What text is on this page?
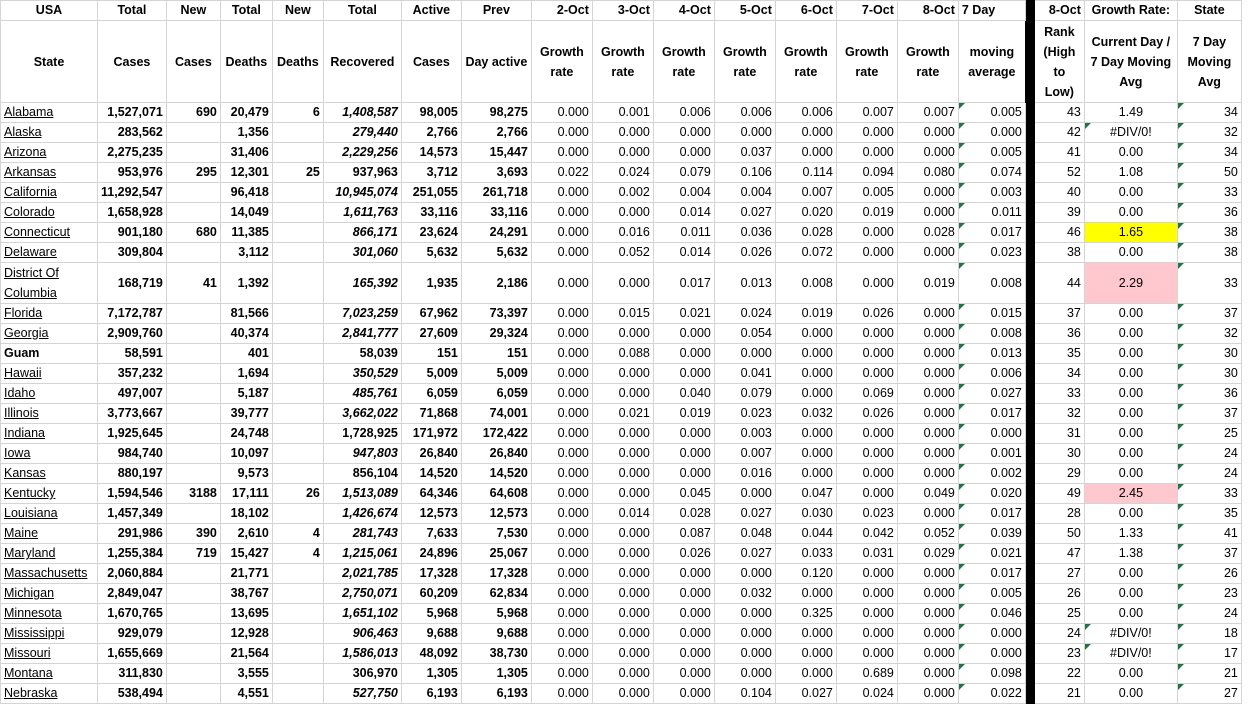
USA	Total	New	Total	New	Total	Active	Prev	2-Oct	3-Oct	4-Oct	5-Oct	6-Oct	7-Oct	8-Oct	7 Day		8-Oct	Growth Rate:	State
State	Cases	Cases	Deaths	Deaths	Recovered	Cases	Day active	Growth rate	Growth rate	Growth rate	Growth rate	Growth rate	Growth rate	Growth rate	moving average		Rank (High to Low)	Current Day / 7 Day Moving Avg	7 Day Moving Avg
Alabama	1,527,071	690	20,479	6	1,408,587	98,005	98,275	0.000	0.001	0.006	0.006	0.006	0.007	0.007	0.005		43	1.49	34
Alaska	283,562		1,356		279,440	2,766	2,766	0.000	0.000	0.000	0.000	0.000	0.000	0.000	0.000		42	#DIV/0!	32
Arizona	2,275,235		31,406		2,229,256	14,573	15,447	0.000	0.000	0.000	0.037	0.000	0.000	0.000	0.005		41	0.00	34
Arkansas	953,976	295	12,301	25	937,963	3,712	3,693	0.022	0.024	0.079	0.106	0.114	0.094	0.080	0.074		52	1.08	50
California	11,292,547		96,418		10,945,074	251,055	261,718	0.000	0.002	0.004	0.004	0.007	0.005	0.000	0.003		40	0.00	33
Colorado	1,658,928		14,049		1,611,763	33,116	33,116	0.000	0.000	0.014	0.027	0.020	0.019	0.000	0.011		39	0.00	36
Connecticut	901,180	680	11,385		866,171	23,624	24,291	0.000	0.016	0.011	0.036	0.028	0.000	0.028	0.017		46	1.65	38
Delaware	309,804		3,112		301,060	5,632	5,632	0.000	0.052	0.014	0.026	0.072	0.000	0.000	0.023		38	0.00	38

District Of Columbia	168,719	41	1,392		165,392	1,935	2,186	0.000	0.000	0.017	0.013	0.008	0.000	0.019	0.008		44	2.29	33
Florida	7,172,787		81,566		7,023,259	67,962	73,397	0.000	0.015	0.021	0.024	0.019	0.026	0.000	0.015		37	0.00	37
Georgia	2,909,760		40,374		2,841,777	27,609	29,324	0.000	0.000	0.000	0.054	0.000	0.000	0.000	0.008		36	0.00	32
Guam	58,591		401		58,039	151	151	0.000	0.088	0.000	0.000	0.000	0.000	0.000	0.013		35	0.00	30
Hawaii	357,232		1,694		350,529	5,009	5,009	0.000	0.000	0.000	0.041	0.000	0.000	0.000	0.006		34	0.00	30
Idaho	497,007		5,187		485,761	6,059	6,059	0.000	0.000	0.040	0.079	0.000	0.069	0.000	0.027		33	0.00	36
Illinois	3,773,667		39,777		3,662,022	71,868	74,001	0.000	0.021	0.019	0.023	0.032	0.026	0.000	0.017		32	0.00	37
Indiana	1,925,645		24,748		1,728,925	171,972	172,422	0.000	0.000	0.000	0.003	0.000	0.000	0.000	0.000		31	0.00	25
Iowa	984,740		10,097		947,803	26,840	26,840	0.000	0.000	0.000	0.007	0.000	0.000	0.000	0.001		30	0.00	24
Kansas	880,197		9,573		856,104	14,520	14,520	0.000	0.000	0.000	0.016	0.000	0.000	0.000	0.002		29	0.00	24
Kentucky	1,594,546	3188	17,111	26	1,513,089	64,346	64,608	0.000	0.000	0.045	0.000	0.047	0.000	0.049	0.020		49	2.45	33
Louisiana	1,457,349		18,102		1,426,674	12,573	12,573	0.000	0.014	0.028	0.027	0.030	0.023	0.000	0.017		28	0.00	35
Maine	291,986	390	2,610	4	281,743	7,633	7,530	0.000	0.000	0.087	0.048	0.044	0.042	0.052	0.039		50	1.33	41
Maryland	1,255,384	719	15,427	4	1,215,061	24,896	25,067	0.000	0.000	0.026	0.027	0.033	0.031	0.029	0.021		47	1.38	37
Massachusetts	2,060,884		21,771		2,021,785	17,328	17,328	0.000	0.000	0.000	0.000	0.120	0.000	0.000	0.017		27	0.00	26
Michigan	2,849,047		38,767		2,750,071	60,209	62,834	0.000	0.000	0.000	0.032	0.000	0.000	0.000	0.005		26	0.00	23
Minnesota	1,670,765		13,695		1,651,102	5,968	5,968	0.000	0.000	0.000	0.000	0.325	0.000	0.000	0.046		25	0.00	24
Mississippi	929,079		12,928		906,463	9,688	9,688	0.000	0.000	0.000	0.000	0.000	0.000	0.000	0.000		24	#DIV/0!	18
Missouri	1,655,669		21,564		1,586,013	48,092	38,730	0.000	0.000	0.000	0.000	0.000	0.000	0.000	0.000		23	#DIV/0!	17
Montana	311,830		3,555		306,970	1,305	1,305	0.000	0.000	0.000	0.000	0.000	0.689	0.000	0.098		22	0.00	21
Nebraska	538,494		4,551		527,750	6,193	6,193	0.000	0.000	0.000	0.104	0.027	0.024	0.000	0.022		21	0.00	27
